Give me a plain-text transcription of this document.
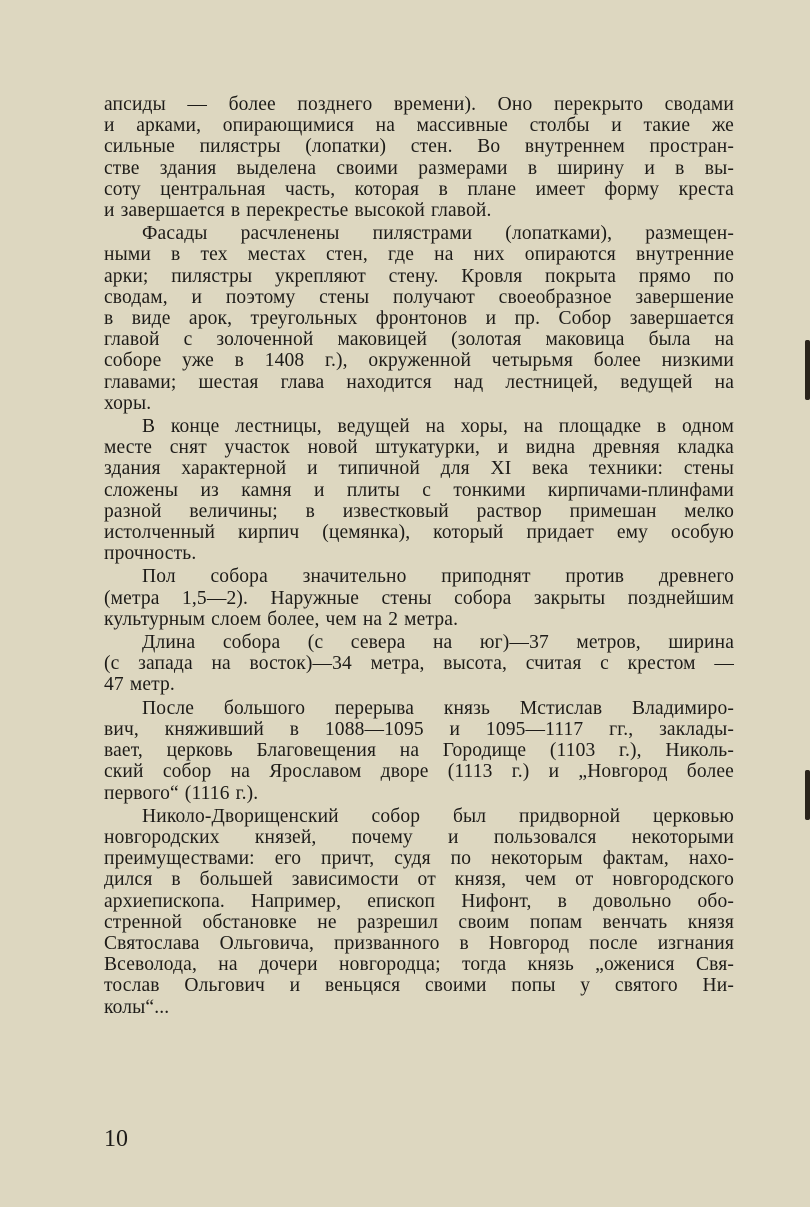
апсиды — более позднего времени). Оно перекрыто сводами
и арками, опирающимися на массивные столбы и такие же
сильные пилястры (лопатки) стен. Во внутреннем простран-
стве здания выделена своими размерами в ширину и в вы-
соту центральная часть, которая в плане имеет форму креста
и завершается в перекрестье высокой главой.

Фасады расчленены пилястрами (лопатками), размещен-
ными в тех местах стен, где на них опираются внутренние
арки; пилястры укрепляют стену. Кровля покрыта прямо по
сводам, и поэтому стены получают своеобразное завершение
в виде арок, треугольных фронтонов и пр. Собор завершается
главой с золоченной маковицей (золотая маковица была на
соборе уже в 1408 г.), окруженной четырьмя более низкими
главами; шестая глава находится над лестницей, ведущей на
хоры.

В конце лестницы, ведущей на хоры, на площадке в одном
месте снят участок новой штукатурки, и видна древняя кладка
здания характерной и типичной для XI века техники: стены
сложены из камня и плиты с тонкими кирпичами-плинфами
разной величины; в известковый раствор примешан мелко
истолченный кирпич (цемянка), который придает ему особую
прочность.

Пол собора значительно приподнят против древнего
(метра 1,5—2). Наружные стены собора закрыты позднейшим
культурным слоем более, чем на 2 метра.

Длина собора (с севера на юг)—37 метров, ширина
(с запада на восток)—34 метра, высота, считая с крестом —
47 метр.

После большого перерыва князь Мстислав Владимиро-
вич, княживший в 1088—1095 и 1095—1117 гг., заклады-
вает, церковь Благовещения на Городище (1103 г.), Николь-
ский собор на Ярославом дворе (1113 г.) и „Новгород более
первого“ (1116 г.).

Николо-Дворищенский собор был придворной церковью
новгородских князей, почему и пользовался некоторыми
преимуществами: его причт, судя по некоторым фактам, нахо-
дился в большей зависимости от князя, чем от новгородского
архиепископа. Например, епископ Нифонт, в довольно обо-
стренной обстановке не разрешил своим попам венчать князя
Святослава Ольговича, призванного в Новгород после изгнания
Всеволода, на дочери новгородца; тогда князь „оженися Свя-
тослав Ольгович и веньцяся своими попы у святого Ни-
колы“...

10
